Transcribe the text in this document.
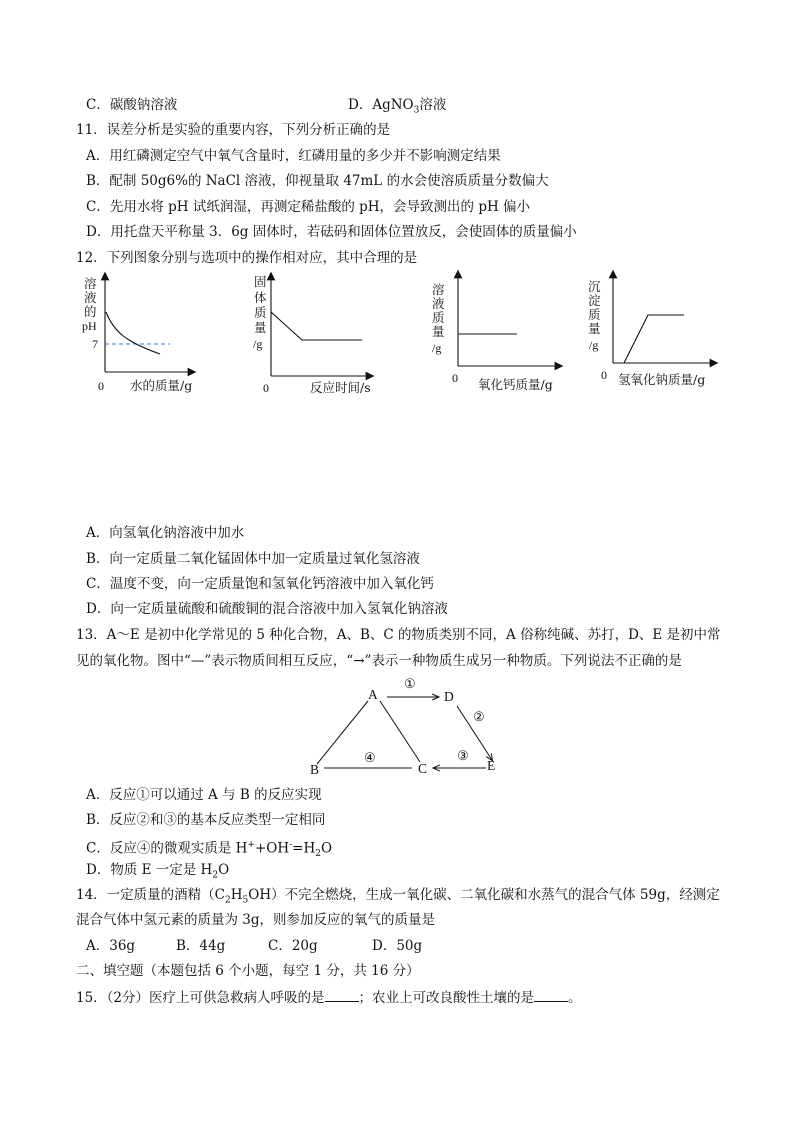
C．碳酸钠溶液	D．AgNO$_3$溶液
11．误差分析是实验的重要内容，下列分析正确的是
A．用红磷测定空气中氧气含量时，红磷用量的多少并不影响测定结果
B．配制 50g6%的 NaCl 溶液，仰视量取 47mL 的水会使溶质质量分数偏大
C．先用水将 pH 试纸润湿，再测定稀盐酸的 pH，会导致测出的 pH 偏小
D．用托盘天平称量 3．6g 固体时，若砝码和固体位置放反，会使固体的质量偏小
12．下列图象分别与选项中的操作相对应，其中合理的是
溶
液
的
pH
7
0 水的质量/g
固
体
质
量
/g
0	反应时间/s
溶
液
质
量
/g
0 氧化钙质量/g
沉
淀
质
量
/g
0 氢氧化钠质量/g
A．向氢氧化钠溶液中加水
B．向一定质量二氧化锰固体中加一定质量过氧化氢溶液
C．温度不变，向一定质量饱和氢氧化钙溶液中加入氧化钙
D．向一定质量硫酸和硫酸铜的混合溶液中加入氢氧化钠溶液
13．A～E 是初中化学常见的 5 种化合物，A、B、C 的物质类别不同，A 俗称纯碱、苏打，D、E 是初中常
见的氧化物。图中“—”表示物质间相互反应，“→”表示一种物质生成另一种物质。下列说法不正确的是
A	D
E
C
B
①
②
③
④
A．反应①可以通过 A 与 B 的反应实现
B．反应②和③的基本反应类型一定相同
C．反应④的微观实质是 $H^++OH^-=H_2O$
D．物质 E 一定是 $H_2O$
14．一定质量的酒精$(C_2H_5OH)$不完全燃烧，生成一氧化碳、二氧化碳和水蒸气的混合气体 59g，经测定
混合气体中氢元素的质量为 3g，则参加反应的氧气的质量是
A．36g	B．44g	C．20g	D．50g
二、填空题（本题包括 6 个小题，每空 1 分，共 16 分）
15．（2分）医疗上可供急救病人呼吸的是	；农业上可改良酸性土壤的是	。
